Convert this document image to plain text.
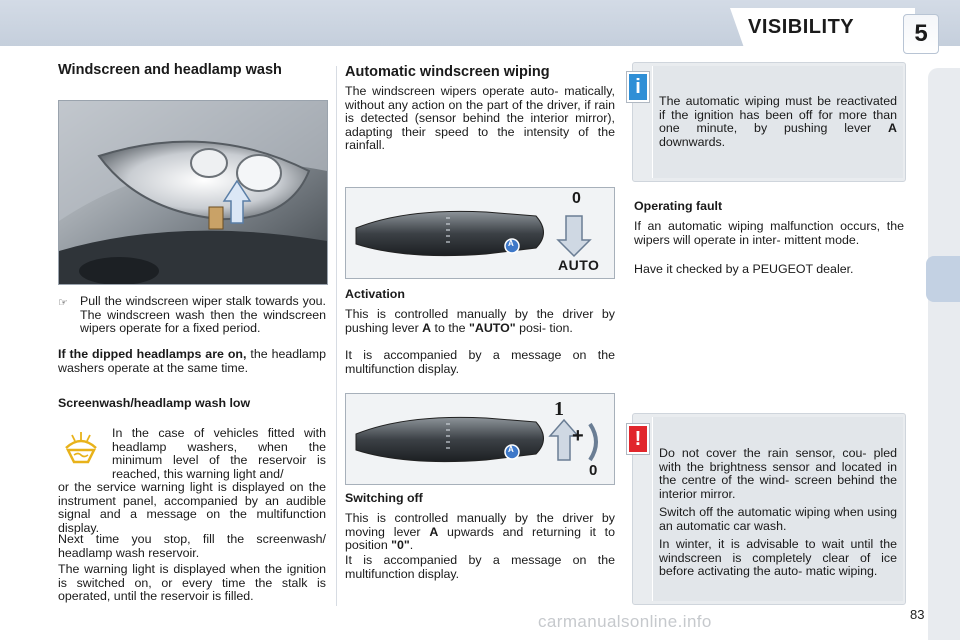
VISIBILITY	5
Windscreen and headlamp wash
☞ Pull the windscreen wiper stalk towards you. The windscreen wash then the windscreen wipers operate for a fixed period.
If the dipped headlamps are on, the headlamp washers operate at the same time.
Screenwash/headlamp wash low
In the case of vehicles fitted with headlamp washers, when the minimum level of the reservoir is reached, this warning light and/
or the service warning light is displayed on the instrument panel, accompanied by an audible signal and a message on the multifunction display.
Next time you stop, fill the screenwash/ headlamp wash reservoir.
The warning light is displayed when the ignition is switched on, or every time the stalk is operated, until the reservoir is filled.
Automatic windscreen wiping
The windscreen wipers operate auto- matically, without any action on the part of the driver, if rain is detected (sensor behind the interior mirror), adapting their speed to the intensity of the rainfall.
0
AUTO
A
Activation
This is controlled manually by the driver by pushing lever A to the "AUTO" posi- tion.
It is accompanied by a message on the multifunction display.
1
0
+
A
Switching off
This is controlled manually by the driver by moving lever A upwards and returning it to position "0".
It is accompanied by a message on the multifunction display.
i
The automatic wiping must be reactivated if the ignition has been off for more than one minute, by pushing lever A downwards.
Operating fault
If an automatic wiping malfunction occurs, the wipers will operate in inter- mittent mode.
Have it checked by a PEUGEOT dealer.
!

Do not cover the rain sensor, cou- pled with the brightness sensor and located in the centre of the wind- screen behind the interior mirror.

Switch off the automatic wiping when using an automatic car wash.

In winter, it is advisable to wait until the windscreen is completely clear of ice before activating the auto- matic wiping.

carmanualsonline.info	83
